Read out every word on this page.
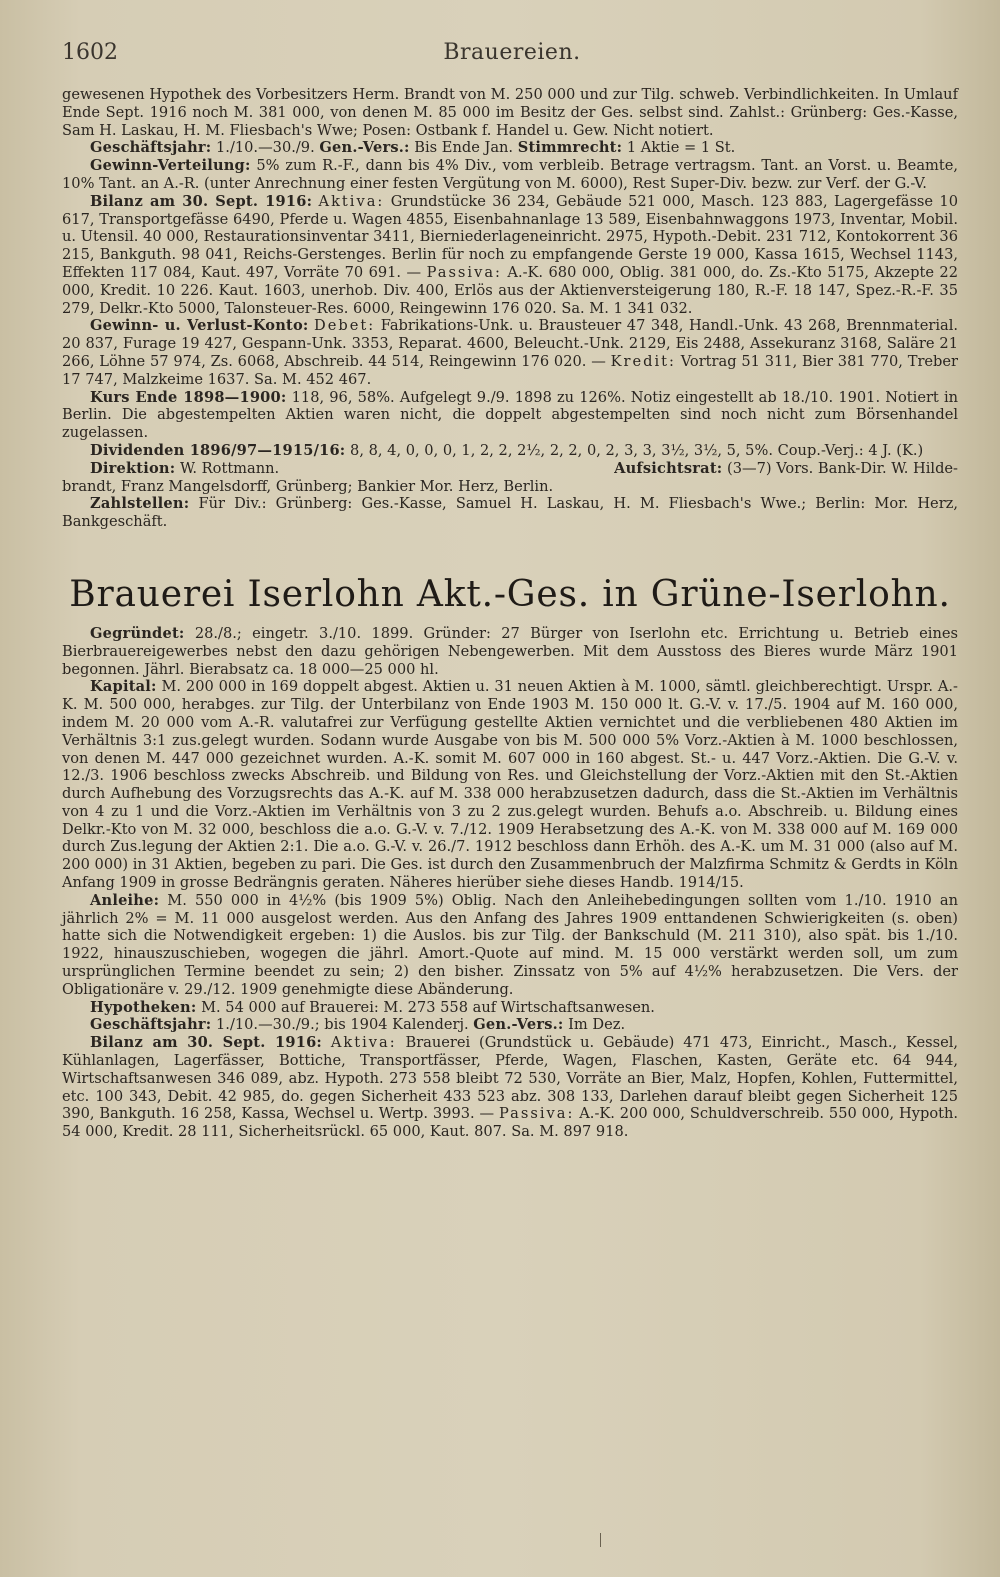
1602	Brauereien.

gewesenen Hypothek des Vorbesitzers Herm. Brandt von M. 250 000 und zur Tilg. schweb. Verbindlichkeiten. In Umlauf Ende Sept. 1916 noch M. 381 000, von denen M. 85 000 im Besitz der Ges. selbst sind. Zahlst.: Grünberg: Ges.-Kasse, Sam H. Laskau, H. M. Fliesbach's Wwe; Posen: Ostbank f. Handel u. Gew. Nicht notiert.

Geschäftsjahr: 1./10.—30./9. Gen.-Vers.: Bis Ende Jan. Stimmrecht: 1 Aktie = 1 St.

Gewinn-Verteilung: 5% zum R.-F., dann bis 4% Div., vom verbleib. Betrage vertragsm. Tant. an Vorst. u. Beamte, 10% Tant. an A.-R. (unter Anrechnung einer festen Vergütung von M. 6000), Rest Super-Div. bezw. zur Verf. der G.-V.

Bilanz am 30. Sept. 1916: Aktiva: Grundstücke 36 234, Gebäude 521 000, Masch. 123 883, Lagergefässe 10 617, Transportgefässe 6490, Pferde u. Wagen 4855, Eisenbahnanlage 13 589, Eisenbahnwaggons 1973, Inventar, Mobil. u. Utensil. 40 000, Restaurationsinventar 3411, Bierniederlageneinricht. 2975, Hypoth.-Debit. 231 712, Kontokorrent 36 215, Bankguth. 98 041, Reichs-Gerstenges. Berlin für noch zu empfangende Gerste 19 000, Kassa 1615, Wechsel 1143, Effekten 117 084, Kaut. 497, Vorräte 70 691. — Passiva: A.-K. 680 000, Oblig. 381 000, do. Zs.-Kto 5175, Akzepte 22 000, Kredit. 10 226. Kaut. 1603, unerhob. Div. 400, Erlös aus der Aktienversteigerung 180, R.-F. 18 147, Spez.-R.-F. 35 279, Delkr.-Kto 5000, Talonsteuer-Res. 6000, Reingewinn 176 020. Sa. M. 1 341 032.

Gewinn- u. Verlust-Konto: Debet: Fabrikations-Unk. u. Brausteuer 47 348, Handl.-Unk. 43 268, Brennmaterial. 20 837, Furage 19 427, Gespann-Unk. 3353, Reparat. 4600, Beleucht.-Unk. 2129, Eis 2488, Assekuranz 3168, Saläre 21 266, Löhne 57 974, Zs. 6068, Abschreib. 44 514, Reingewinn 176 020. — Kredit: Vortrag 51 311, Bier 381 770, Treber 17 747, Malzkeime 1637. Sa. M. 452 467.

Kurs Ende 1898—1900: 118, 96, 58%. Aufgelegt 9./9. 1898 zu 126%. Notiz eingestellt ab 18./10. 1901. Notiert in Berlin. Die abgestempelten Aktien waren nicht, die doppelt abgestempelten sind noch nicht zum Börsenhandel zugelassen.

Dividenden 1896/97—1915/16: 8, 8, 4, 0, 0, 0, 1, 2, 2, 2½, 2, 2, 0, 2, 3, 3, 3½, 3½, 5, 5%. Coup.-Verj.: 4 J. (K.)

Direktion: W. Rottmann.	Aufsichtsrat: (3—7) Vors. Bank-Dir. W. Hilde-

brandt, Franz Mangelsdorff, Grünberg; Bankier Mor. Herz, Berlin.

Zahlstellen: Für Div.: Grünberg: Ges.-Kasse, Samuel H. Laskau, H. M. Fliesbach's Wwe.; Berlin: Mor. Herz, Bankgeschäft.

Brauerei Iserlohn Akt.-Ges. in Grüne-Iserlohn.

Gegründet: 28./8.; eingetr. 3./10. 1899. Gründer: 27 Bürger von Iserlohn etc. Errichtung u. Betrieb eines Bierbrauereigewerbes nebst den dazu gehörigen Nebengewerben. Mit dem Ausstoss des Bieres wurde März 1901 begonnen. Jährl. Bierabsatz ca. 18 000—25 000 hl.

Kapital: M. 200 000 in 169 doppelt abgest. Aktien u. 31 neuen Aktien à M. 1000, sämtl. gleichberechtigt. Urspr. A.-K. M. 500 000, herabges. zur Tilg. der Unterbilanz von Ende 1903 M. 150 000 lt. G.-V. v. 17./5. 1904 auf M. 160 000, indem M. 20 000 vom A.-R. valutafrei zur Verfügung gestellte Aktien vernichtet und die verbliebenen 480 Aktien im Verhältnis 3:1 zus.gelegt wurden. Sodann wurde Ausgabe von bis M. 500 000 5% Vorz.-Aktien à M. 1000 beschlossen, von denen M. 447 000 gezeichnet wurden. A.-K. somit M. 607 000 in 160 abgest. St.- u. 447 Vorz.-Aktien. Die G.-V. v. 12./3. 1906 beschloss zwecks Abschreib. und Bildung von Res. und Gleichstellung der Vorz.-Aktien mit den St.-Aktien durch Aufhebung des Vorzugsrechts das A.-K. auf M. 338 000 herabzusetzen dadurch, dass die St.-Aktien im Verhältnis von 4 zu 1 und die Vorz.-Aktien im Verhältnis von 3 zu 2 zus.gelegt wurden. Behufs a.o. Abschreib. u. Bildung eines Delkr.-Kto von M. 32 000, beschloss die a.o. G.-V. v. 7./12. 1909 Herabsetzung des A.-K. von M. 338 000 auf M. 169 000 durch Zus.legung der Aktien 2:1. Die a.o. G.-V. v. 26./7. 1912 beschloss dann Erhöh. des A.-K. um M. 31 000 (also auf M. 200 000) in 31 Aktien, begeben zu pari. Die Ges. ist durch den Zusammenbruch der Malzfirma Schmitz & Gerdts in Köln Anfang 1909 in grosse Bedrängnis geraten. Näheres hierüber siehe dieses Handb. 1914/15.

Anleihe: M. 550 000 in 4½% (bis 1909 5%) Oblig. Nach den Anleihebedingungen sollten vom 1./10. 1910 an jährlich 2% = M. 11 000 ausgelost werden. Aus den Anfang des Jahres 1909 enttandenen Schwierigkeiten (s. oben) hatte sich die Notwendigkeit ergeben: 1) die Auslos. bis zur Tilg. der Bankschuld (M. 211 310), also spät. bis 1./10. 1922, hinauszuschieben, wogegen die jährl. Amort.-Quote auf mind. M. 15 000 verstärkt werden soll, um zum ursprünglichen Termine beendet zu sein; 2) den bisher. Zinssatz von 5% auf 4½% herabzusetzen. Die Vers. der Obligationäre v. 29./12. 1909 genehmigte diese Abänderung.

Hypotheken: M. 54 000 auf Brauerei: M. 273 558 auf Wirtschaftsanwesen.

Geschäftsjahr: 1./10.—30./9.; bis 1904 Kalenderj. Gen.-Vers.: Im Dez.

Bilanz am 30. Sept. 1916: Aktiva: Brauerei (Grundstück u. Gebäude) 471 473, Einricht., Masch., Kessel, Kühlanlagen, Lagerfässer, Bottiche, Transportfässer, Pferde, Wagen, Flaschen, Kasten, Geräte etc. 64 944, Wirtschaftsanwesen 346 089, abz. Hypoth. 273 558 bleibt 72 530, Vorräte an Bier, Malz, Hopfen, Kohlen, Futtermittel, etc. 100 343, Debit. 42 985, do. gegen Sicherheit 433 523 abz. 308 133, Darlehen darauf bleibt gegen Sicherheit 125 390, Bankguth. 16 258, Kassa, Wechsel u. Wertp. 3993. — Passiva: A.-K. 200 000, Schuldverschreib. 550 000, Hypoth. 54 000, Kredit. 28 111, Sicherheitsrückl. 65 000, Kaut. 807. Sa. M. 897 918.
